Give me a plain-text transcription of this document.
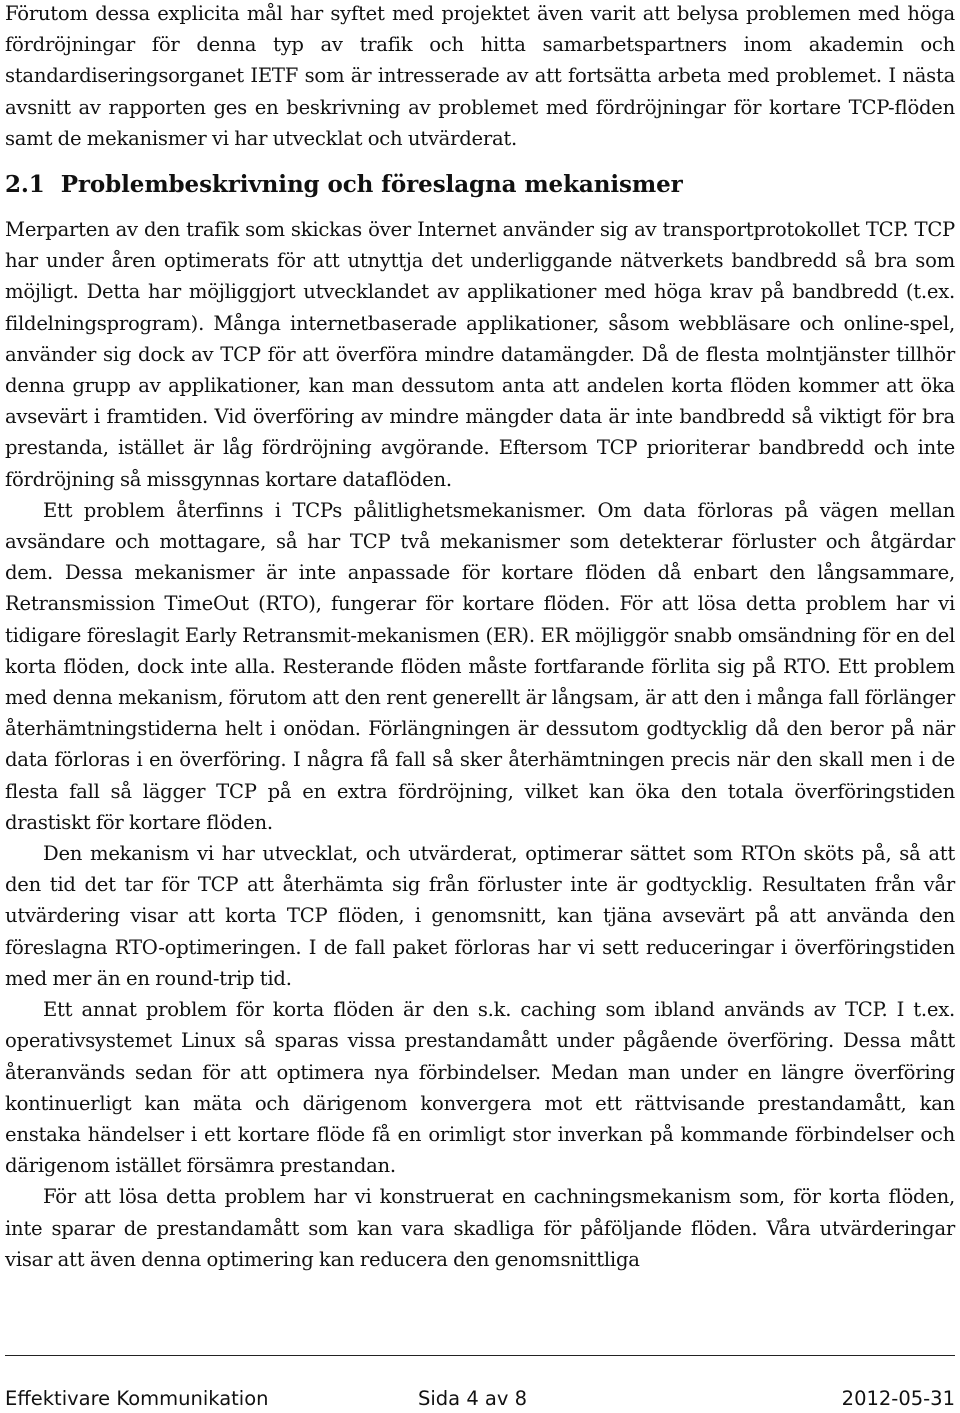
Förutom dessa explicita mål har syftet med projektet även varit att belysa problemen med höga fördröjningar för denna typ av trafik och hitta samarbetspartners inom akademin och standardiseringsorganet IETF som är intresserade av att fortsätta arbeta med problemet. I nästa avsnitt av rapporten ges en beskrivning av problemet med fördröjningar för kortare TCP-flöden samt de mekanismer vi har utvecklat och utvärderat.

2.1 Problembeskrivning och föreslagna mekanismer

Merparten av den trafik som skickas över Internet använder sig av transportprotokollet TCP. TCP har under åren optimerats för att utnyttja det underliggande nätverkets bandbredd så bra som möjligt. Detta har möjliggjort utvecklandet av applikationer med höga krav på bandbredd (t.ex. fildelningsprogram). Många internetbaserade applikationer, såsom webbläsare och online-spel, använder sig dock av TCP för att överföra mindre datamängder. Då de flesta molntjänster tillhör denna grupp av applikationer, kan man dessutom anta att andelen korta flöden kommer att öka avsevärt i framtiden. Vid överföring av mindre mängder data är inte bandbredd så viktigt för bra prestanda, istället är låg fördröjning avgörande. Eftersom TCP prioriterar bandbredd och inte fördröjning så missgynnas kortare dataflöden.

Ett problem återfinns i TCPs pålitlighetsmekanismer. Om data förloras på vägen mellan avsändare och mottagare, så har TCP två mekanismer som detekterar förluster och åtgärdar dem. Dessa mekanismer är inte anpassade för kortare flöden då enbart den långsammare, Retransmission TimeOut (RTO), fungerar för kortare flöden. För att lösa detta problem har vi tidigare föreslagit Early Retransmit-mekanismen (ER). ER möjliggör snabb omsändning för en del korta flöden, dock inte alla. Resterande flöden måste fortfarande förlita sig på RTO. Ett problem med denna mekanism, förutom att den rent generellt är långsam, är att den i många fall förlänger återhämtningstiderna helt i onödan. Förlängningen är dessutom godtycklig då den beror på när data förloras i en överföring. I några få fall så sker återhämtningen precis när den skall men i de flesta fall så lägger TCP på en extra fördröjning, vilket kan öka den totala överföringstiden drastiskt för kortare flöden.

Den mekanism vi har utvecklat, och utvärderat, optimerar sättet som RTOn sköts på, så att den tid det tar för TCP att återhämta sig från förluster inte är godtycklig. Resultaten från vår utvärdering visar att korta TCP flöden, i genomsnitt, kan tjäna avsevärt på att använda den föreslagna RTO-optimeringen. I de fall paket förloras har vi sett reduceringar i överföringstiden med mer än en round-trip tid.

Ett annat problem för korta flöden är den s.k. caching som ibland används av TCP. I t.ex. operativsystemet Linux så sparas vissa prestandamått under pågående överföring. Dessa mått återanvänds sedan för att optimera nya förbindelser. Medan man under en längre överföring kontinuerligt kan mäta och därigenom konvergera mot ett rättvisande prestandamått, kan enstaka händelser i ett kortare flöde få en orimligt stor inverkan på kommande förbindelser och därigenom istället försämra prestandan.

För att lösa detta problem har vi konstruerat en cachningsmekanism som, för korta flöden, inte sparar de prestandamått som kan vara skadliga för påföljande flöden. Våra utvärderingar visar att även denna optimering kan reducera den genomsnittliga

Effektivare Kommunikation	Sida 4 av 8	2012-05-31
